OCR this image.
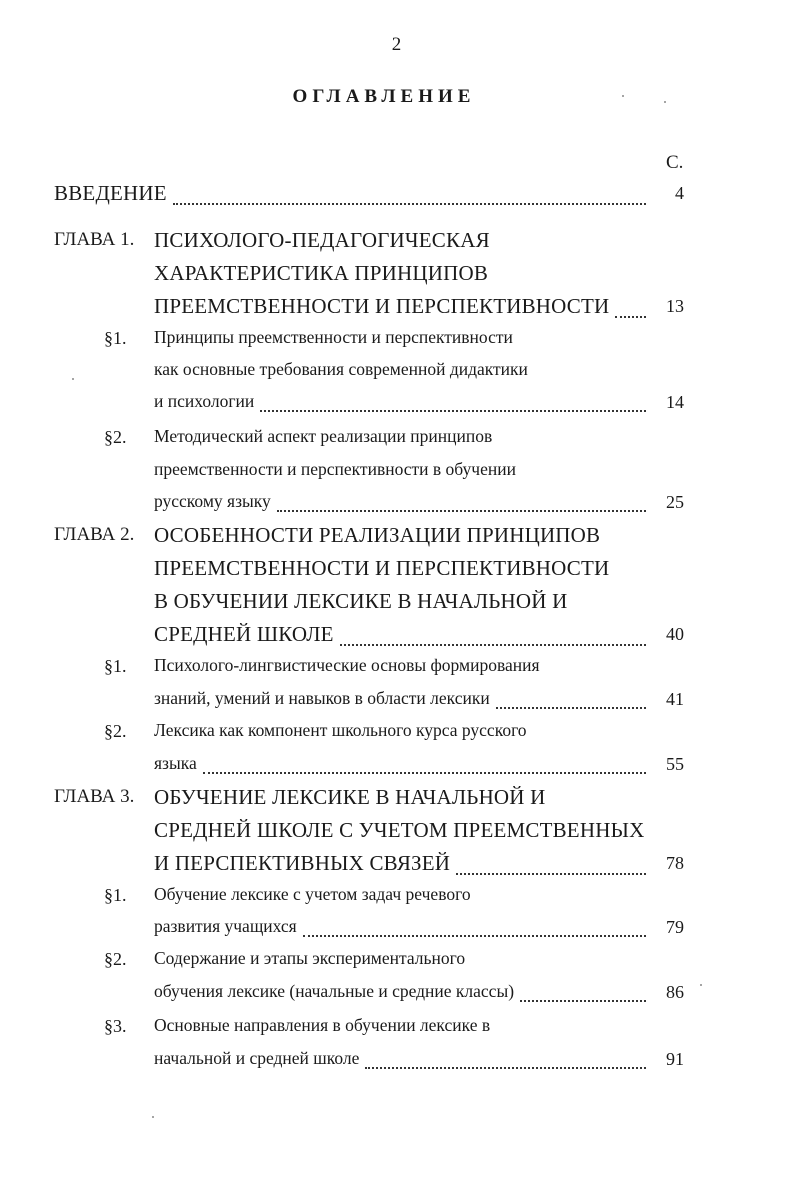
2
ОГЛАВЛЕНИЕ
С.
ВВЕДЕНИЕ	4
ГЛАВА 1. ПСИХОЛОГО-ПЕДАГОГИЧЕСКАЯ
ХАРАКТЕРИСТИКА ПРИНЦИПОВ
ПРЕЕМСТВЕННОСТИ И ПЕРСПЕКТИВНОСТИ	13
§1. Принципы преемственности и перспективности
как основные требования современной дидактики
и психологии	14
§2. Методический аспект реализации принципов
преемственности и перспективности в обучении
русскому языку	25
ГЛАВА 2. ОСОБЕННОСТИ РЕАЛИЗАЦИИ ПРИНЦИПОВ
ПРЕЕМСТВЕННОСТИ И ПЕРСПЕКТИВНОСТИ
В ОБУЧЕНИИ ЛЕКСИКЕ В НАЧАЛЬНОЙ И
СРЕДНЕЙ ШКОЛЕ	40
§1. Психолого-лингвистические основы формирования
знаний, умений и навыков в области лексики	41
§2. Лексика как компонент школьного курса русского
языка	55
ГЛАВА 3. ОБУЧЕНИЕ ЛЕКСИКЕ В НАЧАЛЬНОЙ И
СРЕДНЕЙ ШКОЛЕ С УЧЕТОМ ПРЕЕМСТВЕННЫХ
И ПЕРСПЕКТИВНЫХ СВЯЗЕЙ	78
§1. Обучение лексике с учетом задач речевого
развития учащихся	79
§2. Содержание и этапы экспериментального
обучения лексике (начальные и средние классы)	86
§3. Основные направления в обучении лексике в
начальной и средней школе	91
